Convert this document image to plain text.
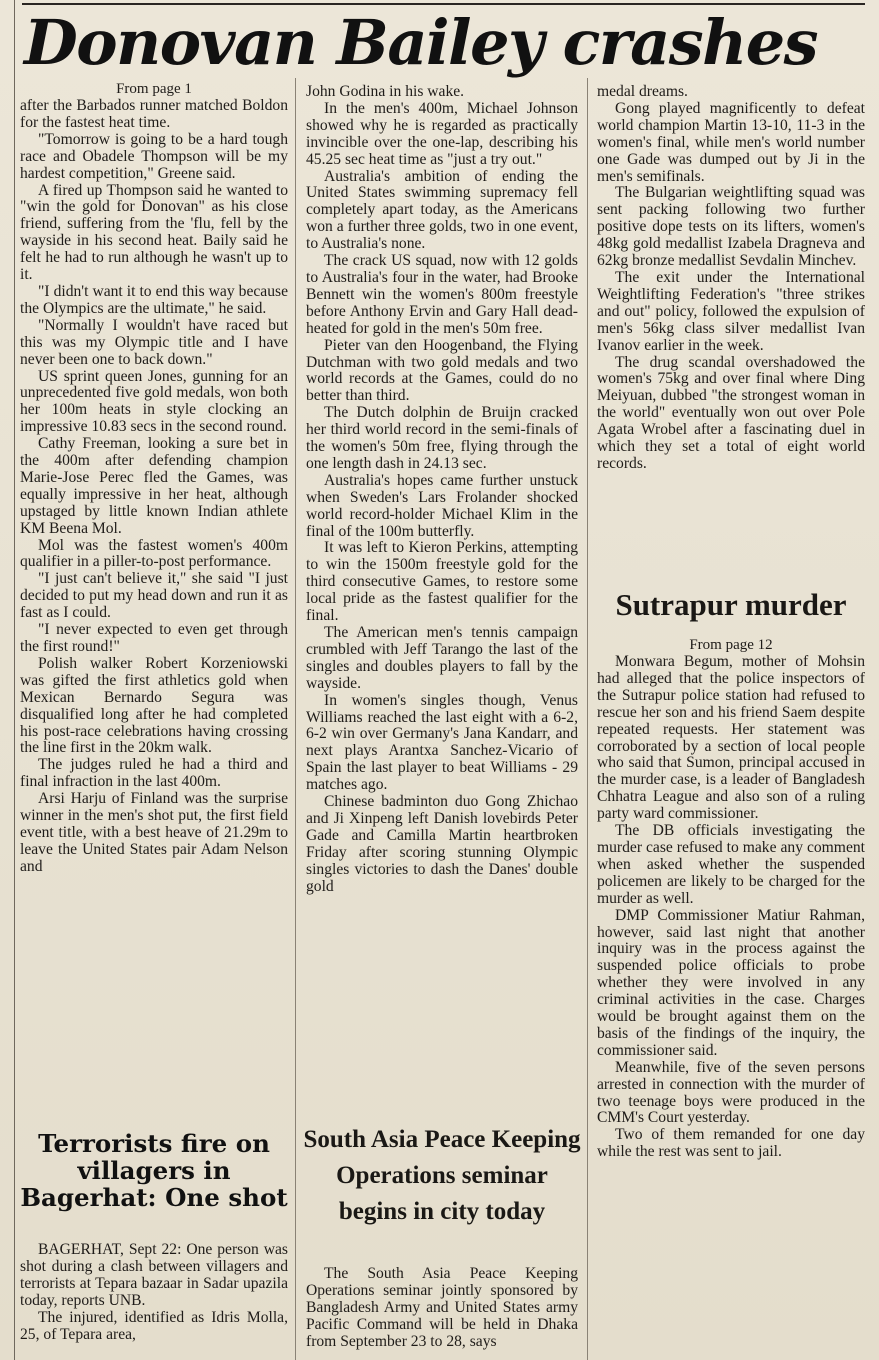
Donovan Bailey crashes
From page 1

after the Barbados runner matched Boldon for the fastest heat time.

"Tomorrow is going to be a hard tough race and Obadele Thompson will be my hardest competition," Greene said.

A fired up Thompson said he wanted to "win the gold for Donovan" as his close friend, suffering from the 'flu, fell by the wayside in his second heat. Baily said he felt he had to run although he wasn't up to it.

"I didn't want it to end this way because the Olympics are the ultimate," he said.

"Normally I wouldn't have raced but this was my Olympic title and I have never been one to back down."

US sprint queen Jones, gunning for an unprecedented five gold medals, won both her 100m heats in style clocking an impressive 10.83 secs in the second round.

Cathy Freeman, looking a sure bet in the 400m after defending champion Marie-Jose Perec fled the Games, was equally impressive in her heat, although upstaged by little known Indian athlete KM Beena Mol.

Mol was the fastest women's 400m qualifier in a piller-to-post performance.

"I just can't believe it," she said "I just decided to put my head down and run it as fast as I could.

"I never expected to even get through the first round!"

Polish walker Robert Korzeniowski was gifted the first athletics gold when Mexican Bernardo Segura was disqualified long after he had completed his post-race celebrations having crossing the line first in the 20km walk.

The judges ruled he had a third and final infraction in the last 400m.

Arsi Harju of Finland was the surprise winner in the men's shot put, the first field event title, with a best heave of 21.29m to leave the United States pair Adam Nelson and

Terrorists fire on villagers in Bagerhat: One shot

BAGERHAT, Sept 22: One person was shot during a clash between villagers and terrorists at Tepara bazaar in Sadar upazila today, reports UNB.

The injured, identified as Idris Molla, 25, of Tepara area,

John Godina in his wake.

In the men's 400m, Michael Johnson showed why he is regarded as practically invincible over the one-lap, describing his 45.25 sec heat time as "just a try out."

Australia's ambition of ending the United States swimming supremacy fell completely apart today, as the Americans won a further three golds, two in one event, to Australia's none.

The crack US squad, now with 12 golds to Australia's four in the water, had Brooke Bennett win the women's 800m freestyle before Anthony Ervin and Gary Hall dead-heated for gold in the men's 50m free.

Pieter van den Hoogenband, the Flying Dutchman with two gold medals and two world records at the Games, could do no better than third.

The Dutch dolphin de Bruijn cracked her third world record in the semi-finals of the women's 50m free, flying through the one length dash in 24.13 sec.

Australia's hopes came further unstuck when Sweden's Lars Frolander shocked world record-holder Michael Klim in the final of the 100m butterfly.

It was left to Kieron Perkins, attempting to win the 1500m freestyle gold for the third consecutive Games, to restore some local pride as the fastest qualifier for the final.

The American men's tennis campaign crumbled with Jeff Tarango the last of the singles and doubles players to fall by the wayside.

In women's singles though, Venus Williams reached the last eight with a 6-2, 6-2 win over Germany's Jana Kandarr, and next plays Arantxa Sanchez-Vicario of Spain the last player to beat Williams - 29 matches ago.

Chinese badminton duo Gong Zhichao and Ji Xinpeng left Danish lovebirds Peter Gade and Camilla Martin heartbroken Friday after scoring stunning Olympic singles victories to dash the Danes' double gold

South Asia Peace Keeping Operations seminar begins in city today

The South Asia Peace Keeping Operations seminar jointly sponsored by Bangladesh Army and United States army Pacific Command will be held in Dhaka from September 23 to 28, says

medal dreams.

Gong played magnificently to defeat world champion Martin 13-10, 11-3 in the women's final, while men's world number one Gade was dumped out by Ji in the men's semifinals.

The Bulgarian weightlifting squad was sent packing following two further positive dope tests on its lifters, women's 48kg gold medallist Izabela Dragneva and 62kg bronze medallist Sevdalin Minchev.

The exit under the International Weightlifting Federation's "three strikes and out" policy, followed the expulsion of men's 56kg class silver medallist Ivan Ivanov earlier in the week.

The drug scandal overshadowed the women's 75kg and over final where Ding Meiyuan, dubbed "the strongest woman in the world" eventually won out over Pole Agata Wrobel after a fascinating duel in which they set a total of eight world records.

Sutrapur murder
From page 12

Monwara Begum, mother of Mohsin had alleged that the police inspectors of the Sutrapur police station had refused to rescue her son and his friend Saem despite repeated requests. Her statement was corroborated by a section of local people who said that Sumon, principal accused in the murder case, is a leader of Bangladesh Chhatra League and also son of a ruling party ward commissioner.

The DB officials investigating the murder case refused to make any comment when asked whether the suspended policemen are likely to be charged for the murder as well.

DMP Commissioner Matiur Rahman, however, said last night that another inquiry was in the process against the suspended police officials to probe whether they were involved in any criminal activities in the case. Charges would be brought against them on the basis of the findings of the inquiry, the commissioner said.

Meanwhile, five of the seven persons arrested in connection with the murder of two teenage boys were produced in the CMM's Court yesterday.

Two of them remanded for one day while the rest was sent to jail.
